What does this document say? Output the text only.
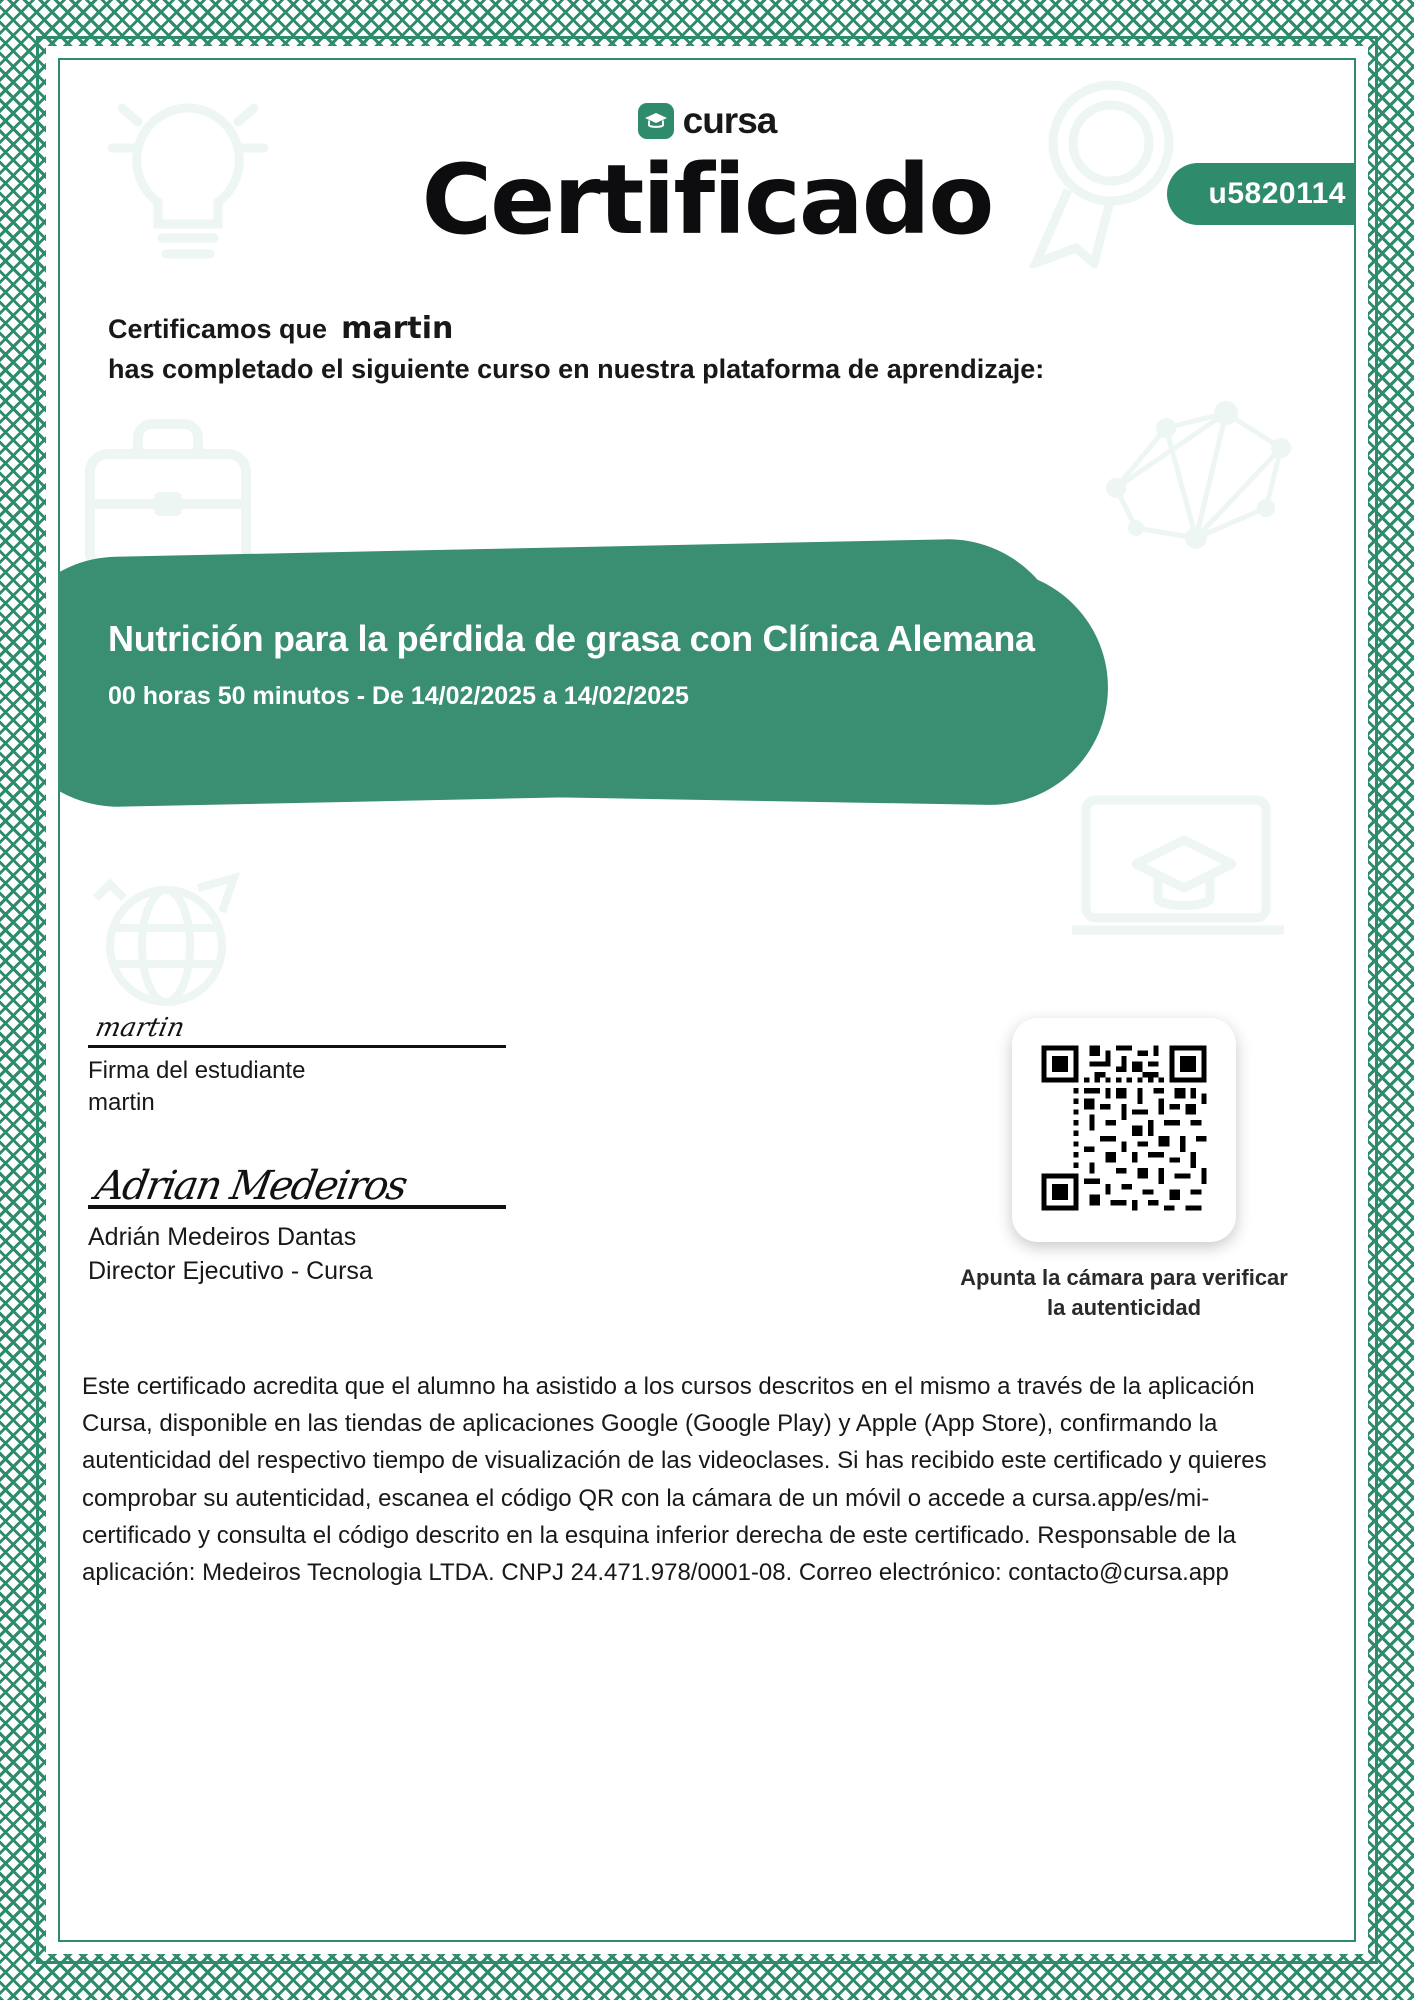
cursa
Certificado	u5820114
Certificamos que martin
has completado el siguiente curso en nuestra plataforma de aprendizaje:
Nutrición para la pérdida de grasa con Clínica Alemana
00 horas 50 minutos - De 14/02/2025 a 14/02/2025
martin
Firma del estudiante
martin
Adrian Medeiros
Adrián Medeiros Dantas
Director Ejecutivo - Cursa	Apunta la cámara para verificar la autenticidad
Este certificado acredita que el alumno ha asistido a los cursos descritos en el mismo a través de la aplicación Cursa, disponible en las tiendas de aplicaciones Google (Google Play) y Apple (App Store), confirmando la autenticidad del respectivo tiempo de visualización de las videoclases. Si has recibido este certificado y quieres comprobar su autenticidad, escanea el código QR con la cámara de un móvil o accede a cursa.app/es/mi-certificado y consulta el código descrito en la esquina inferior derecha de este certificado. Responsable de la aplicación: Medeiros Tecnologia LTDA. CNPJ 24.471.978/0001-08. Correo electrónico: contacto@cursa.app
